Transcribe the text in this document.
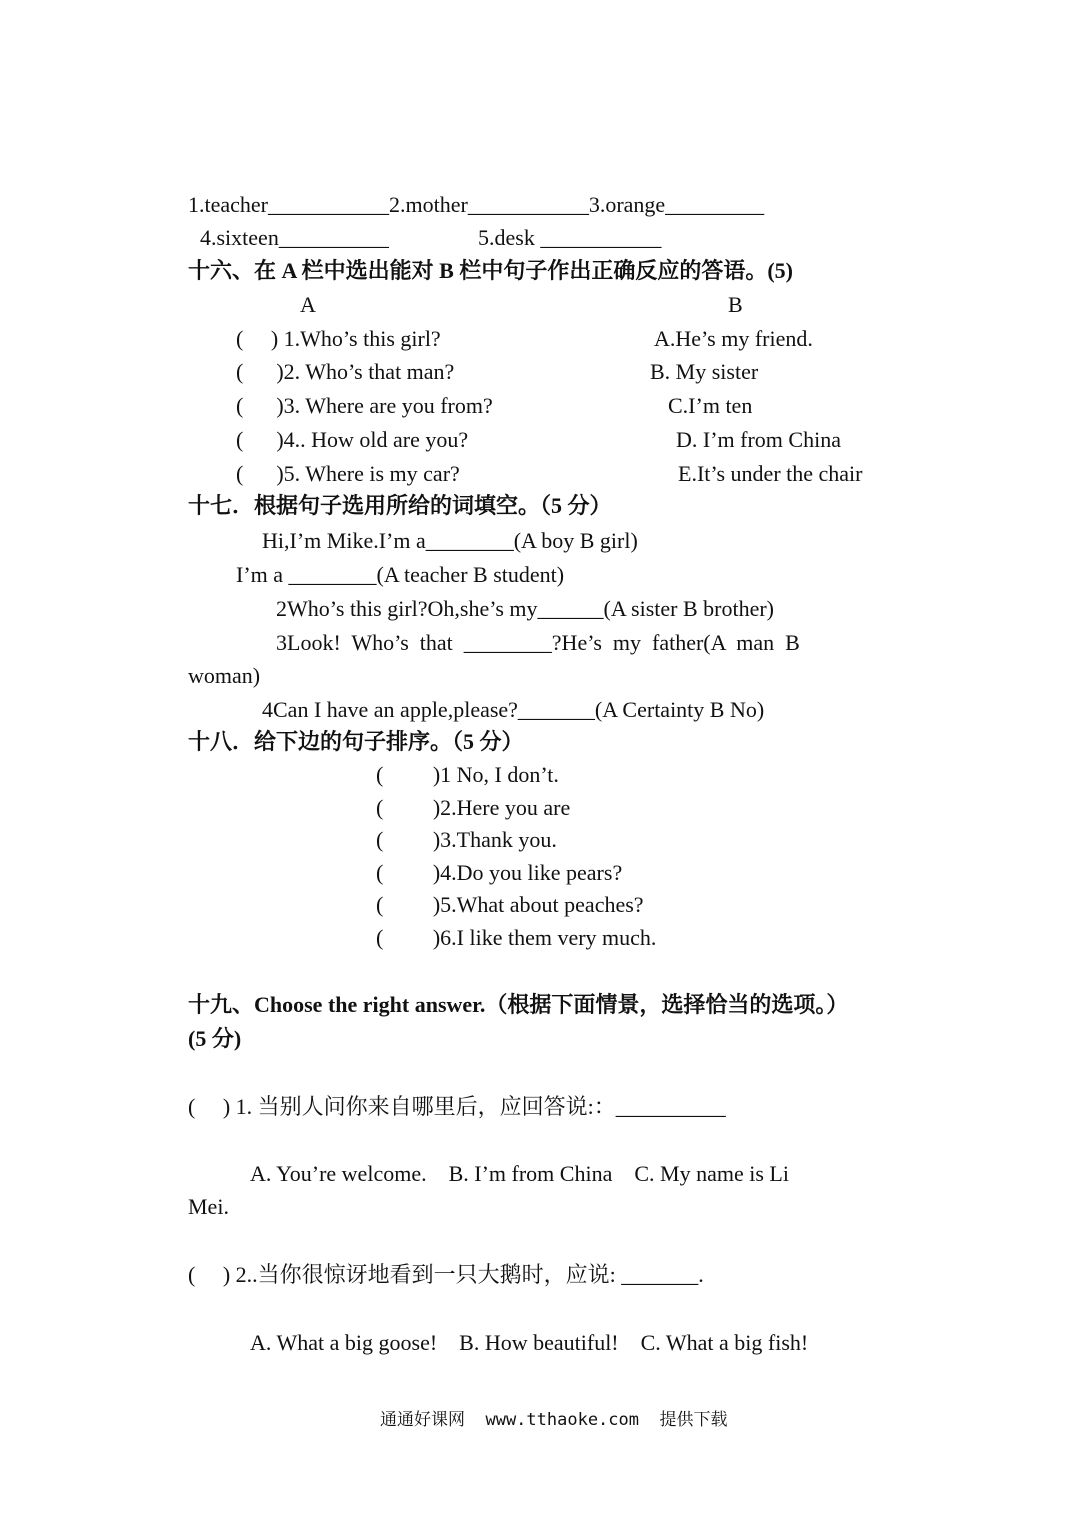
1.teacher___________2.mother___________3.orange_________
4.sixteen__________	5.desk ___________
十六、在 A 栏中选出能对 B 栏中句子作出正确反应的答语。(5)
A	B
(     ) 1.Who’s this girl?
(      )2. Who’s that man?
(      )3. Where are you from?
(      )4.. How old are you?
(      )5. Where is my car?
A.He’s my friend.
B. My sister
C.I’m ten
D. I’m from China
E.It’s under the chair
十七．根据句子选用所给的词填空。（5 分）
Hi,I’m Mike.I’m a________(A boy B girl)
I’m a ________(A teacher B student)
2Who’s this girl?Oh,she’s my______(A sister B brother)
3Look!  Who’s  that  ________?He’s  my  father(A  man  B
woman)
4Can I have an apple,please?_______(A Certainty B No)
十八．给下边的句子排序。（5 分）
(         )1 No, I don’t.
(         )2.Here you are
(         )3.Thank you.
(         )4.Do you like pears?
(         )5.What about peaches?
(         )6.I like them very much.
十九、Choose the right answer.（根据下面情景，选择恰当的选项。）
(5 分)
(     ) 1. 当别人问你来自哪里后，应回答说:：__________
A. You’re welcome.    B. I’m from China    C. My name is Li
Mei.
(     ) 2..当你很惊讶地看到一只大鹅时，应说: _______.
A. What a big goose!    B. How beautiful!    C. What a big fish!
通通好课网  www.tthaoke.com  提供下载
